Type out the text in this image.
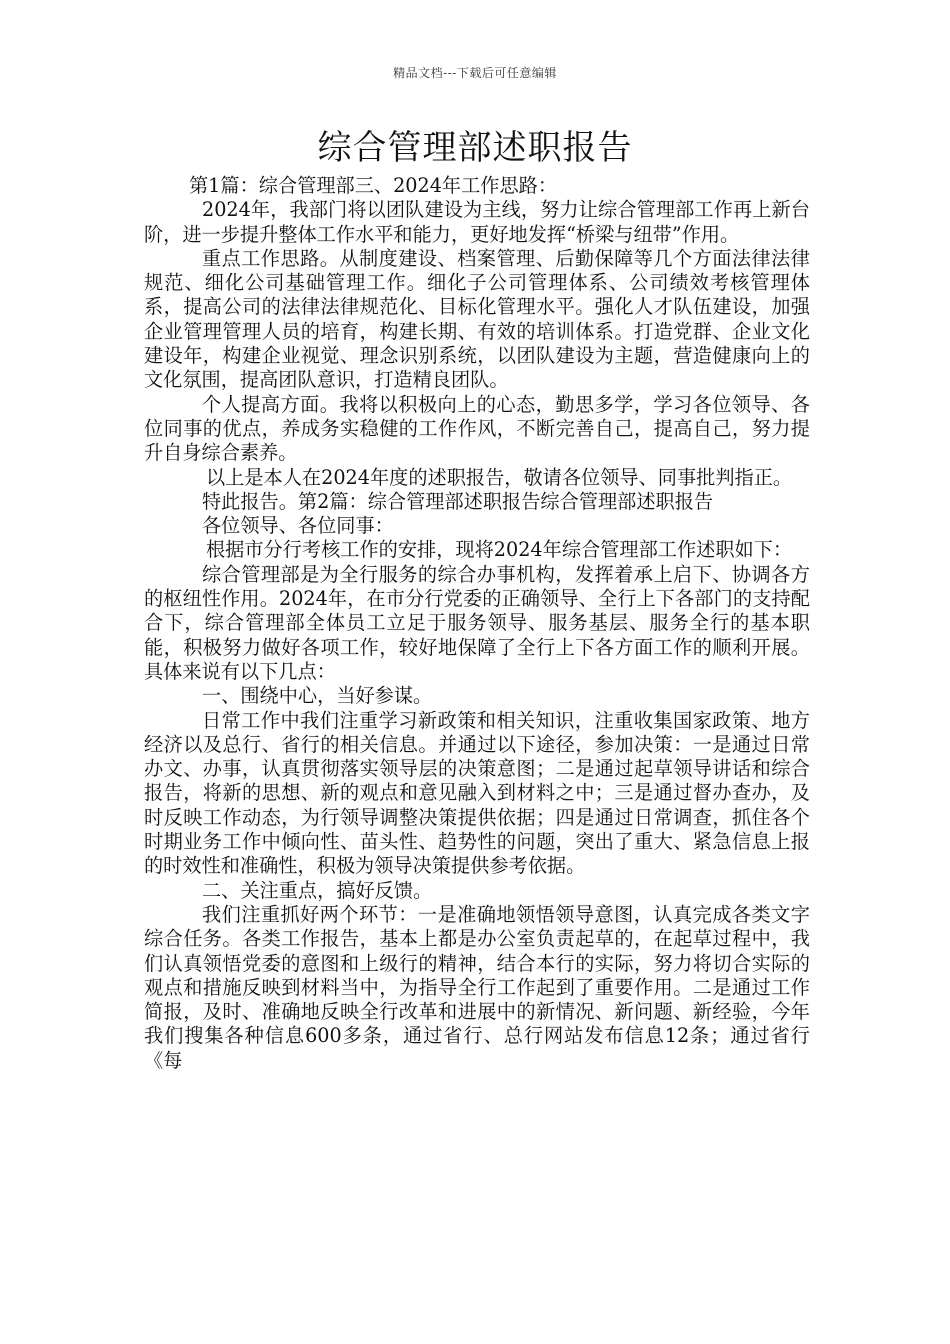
精品文档---下载后可任意编辑
综合管理部述职报告

第1篇：综合管理部三、2024年工作思路：

2024年，我部门将以团队建设为主线，努力让综合管理部工作再上新台阶，进一步提升整体工作水平和能力，更好地发挥“桥梁与纽带”作用。

重点工作思路。从制度建设、档案管理、后勤保障等几个方面法律法律规范、细化公司基础管理工作。细化子公司管理体系、公司绩效考核管理体系，提高公司的法律法律规范化、目标化管理水平。强化人才队伍建设，加强企业管理管理人员的培育，构建长期、有效的培训体系。打造党群、企业文化建设年，构建企业视觉、理念识别系统，以团队建设为主题，营造健康向上的文化氛围，提高团队意识，打造精良团队。

个人提高方面。我将以积极向上的心态，勤思多学，学习各位领导、各位同事的优点，养成务实稳健的工作作风，不断完善自己，提高自己，努力提升自身综合素养。

以上是本人在2024年度的述职报告，敬请各位领导、同事批判指正。

特此报告。第2篇：综合管理部述职报告综合管理部述职报告

各位领导、各位同事：

根据市分行考核工作的安排，现将2024年综合管理部工作述职如下：

综合管理部是为全行服务的综合办事机构，发挥着承上启下、协调各方的枢纽性作用。2024年，在市分行党委的正确领导、全行上下各部门的支持配合下，综合管理部全体员工立足于服务领导、服务基层、服务全行的基本职能，积极努力做好各项工作，较好地保障了全行上下各方面工作的顺利开展。具体来说有以下几点：

一、围绕中心，当好参谋。

日常工作中我们注重学习新政策和相关知识，注重收集国家政策、地方经济以及总行、省行的相关信息。并通过以下途径，参加决策：一是通过日常办文、办事，认真贯彻落实领导层的决策意图；二是通过起草领导讲话和综合报告，将新的思想、新的观点和意见融入到材料之中；三是通过督办查办，及时反映工作动态，为行领导调整决策提供依据；四是通过日常调查，抓住各个时期业务工作中倾向性、苗头性、趋势性的问题，突出了重大、紧急信息上报的时效性和准确性，积极为领导决策提供参考依据。

二、关注重点，搞好反馈。

我们注重抓好两个环节：一是准确地领悟领导意图，认真完成各类文字综合任务。各类工作报告，基本上都是办公室负责起草的，在起草过程中，我们认真领悟党委的意图和上级行的精神，结合本行的实际，努力将切合实际的观点和措施反映到材料当中，为指导全行工作起到了重要作用。二是通过工作简报，及时、准确地反映全行改革和进展中的新情况、新问题、新经验，今年我们搜集各种信息600多条，通过省行、总行网站发布信息12条；通过省行《每
